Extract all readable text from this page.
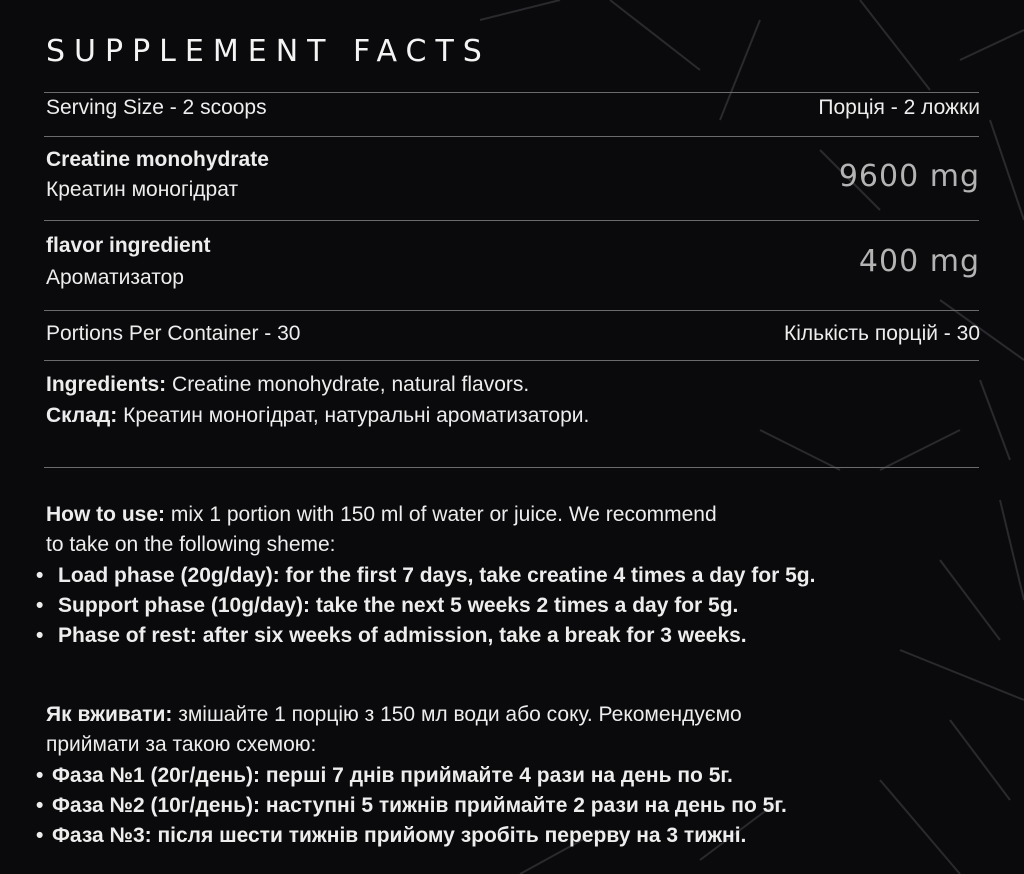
SUPPLEMENT FACTS
Serving Size - 2 scoops	Порція - 2 ложки
Creatine monohydrate
Креатин моногідрат	9600 mg
flavor ingredient
Ароматизатор	400 mg
Portions Per Container - 30	Кількість порцій - 30
Ingredients: Creatine monohydrate, natural flavors.
Склад: Креатин моногідрат, натуральні ароматизатори.
How to use: mix 1 portion with 150 ml of water or juice. We recommend
to take on the following sheme:
• Load phase (20g/day): for the first 7 days, take creatine 4 times a day for 5g.
• Support phase (10g/day): take the next 5 weeks 2 times a day for 5g.
• Phase of rest: after six weeks of admission, take a break for 3 weeks.
Як вживати: змішайте 1 порцію з 150 мл води або соку. Рекомендуємо
приймати за такою схемою:
• Фаза №1 (20г/день): перші 7 днів приймайте 4 рази на день по 5г.
• Фаза №2 (10г/день): наступні 5 тижнів приймайте 2 рази на день по 5г.
• Фаза №3: після шести тижнів прийому зробіть перерву на 3 тижні.
